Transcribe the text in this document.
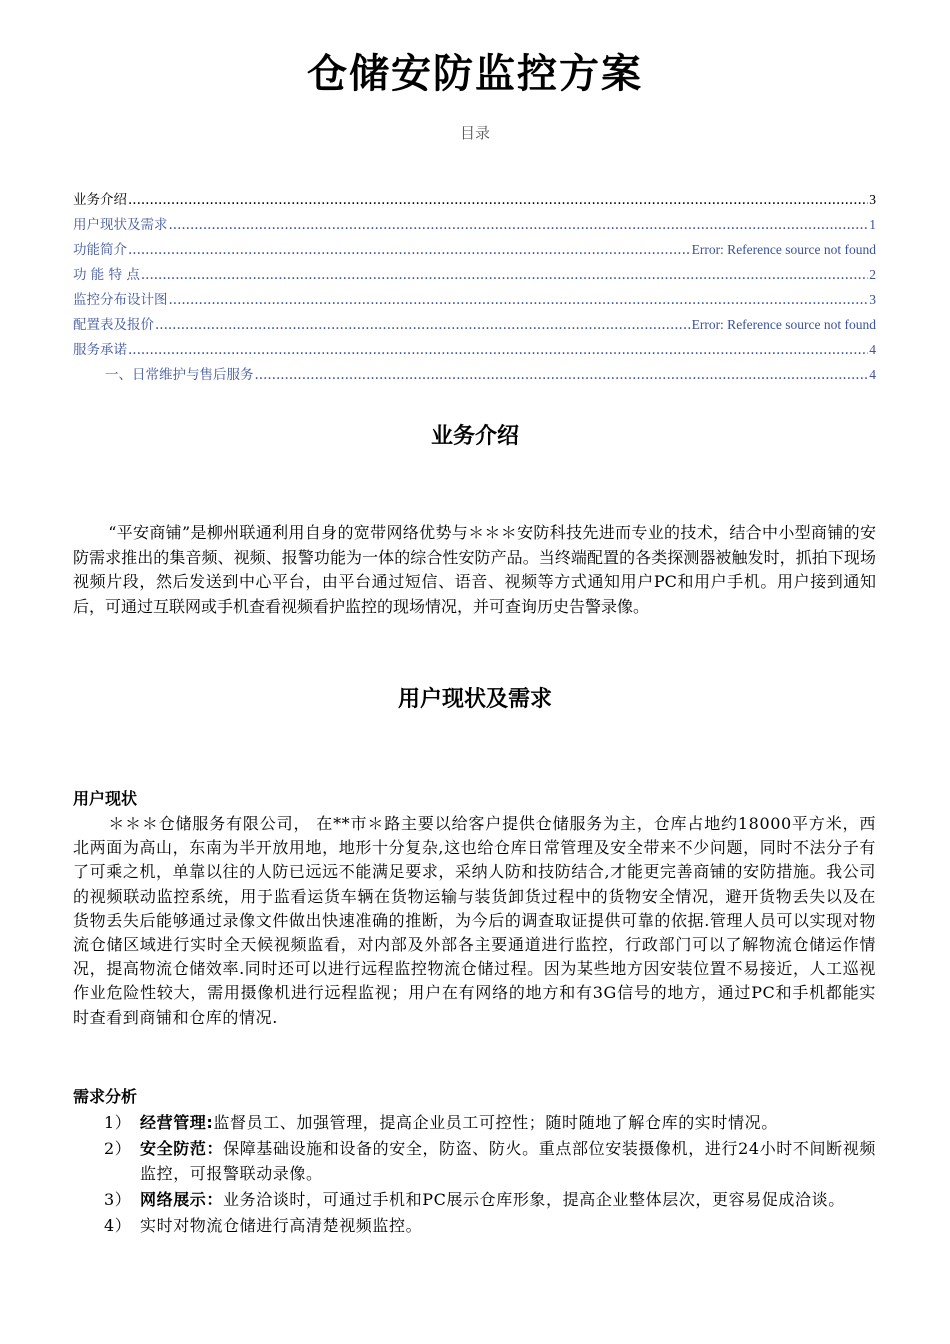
仓储安防监控方案
目录
业务介绍 .....	3
用户现状及需求 .....	1
功能简介 .....	Error: Reference source not found
功 能 特 点 .....	2
监控分布设计图 .....	3
配置表及报价 .....	Error: Reference source not found
服务承诺 .....	4
一、日常维护与售后服务 .....	4
业务介绍
“平安商铺”是柳州联通利用自身的宽带网络优势与＊＊＊安防科技先进而专业的技术，结合中小型商铺的安防需求推出的集音频、视频、报警功能为一体的综合性安防产品。当终端配置的各类探测器被触发时，抓拍下现场视频片段，然后发送到中心平台，由平台通过短信、语音、视频等方式通知用户PC和用户手机。用户接到通知后，可通过互联网或手机查看视频看护监控的现场情况，并可查询历史告警录像。
用户现状及需求
用户现状
＊＊＊仓储服务有限公司， 在**市＊路主要以给客户提供仓储服务为主，仓库占地约18000平方米，西北两面为高山，东南为半开放用地，地形十分复杂,这也给仓库日常管理及安全带来不少问题，同时不法分子有了可乘之机，单靠以往的人防已远远不能满足要求，采纳人防和技防结合,才能更完善商铺的安防措施。我公司的视频联动监控系统，用于监看运货车辆在货物运输与装货卸货过程中的货物安全情况，避开货物丢失以及在货物丢失后能够通过录像文件做出快速准确的推断，为今后的调查取证提供可靠的依据.管理人员可以实现对物流仓储区域进行实时全天候视频监看，对内部及外部各主要通道进行监控，行政部门可以了解物流仓储运作情况，提高物流仓储效率.同时还可以进行远程监控物流仓储过程。因为某些地方因安装位置不易接近，人工巡视作业危险性较大，需用摄像机进行远程监视；用户在有网络的地方和有3G信号的地方，通过PC和手机都能实时查看到商铺和仓库的情况.
需求分析
1） 经营管理:监督员工、加强管理，提高企业员工可控性；随时随地了解仓库的实时情况。
2） 安全防范：保障基础设施和设备的安全，防盗、防火。重点部位安装摄像机，进行24小时不间断视频监控，可报警联动录像。
3） 网络展示：业务洽谈时，可通过手机和PC展示仓库形象，提高企业整体层次，更容易促成洽谈。
4） 实时对物流仓储进行高清楚视频监控。
